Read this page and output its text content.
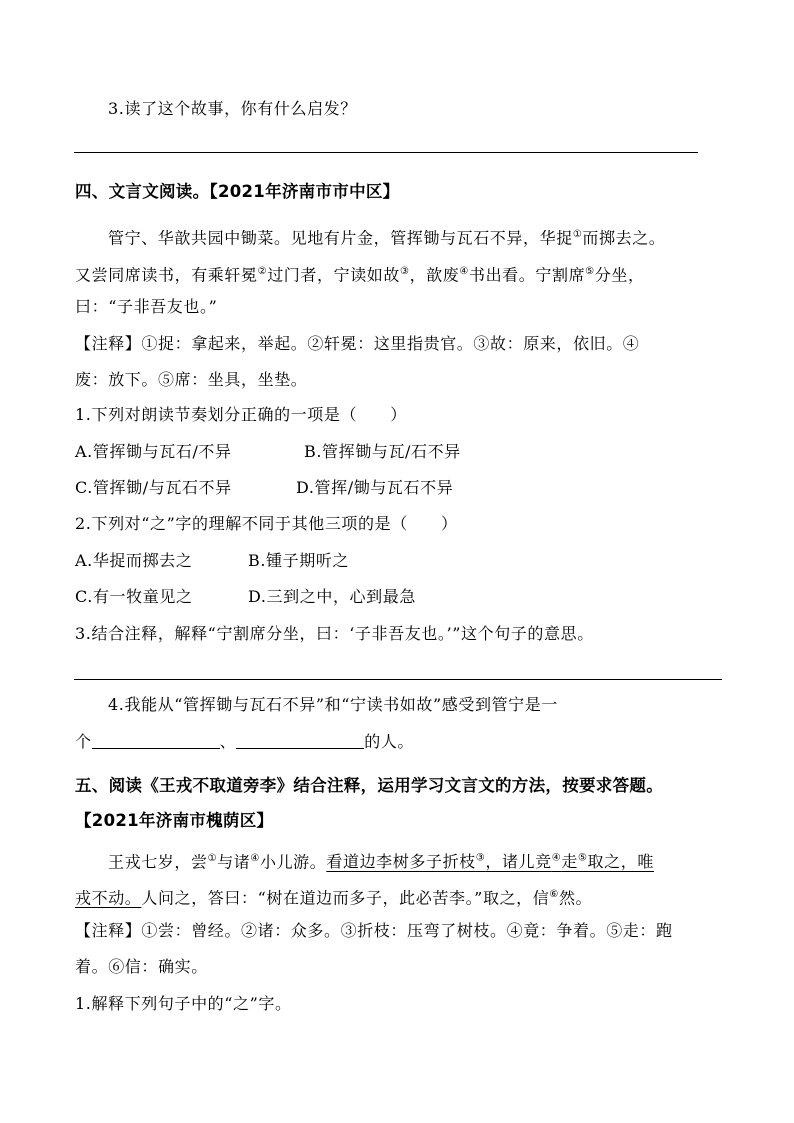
3.读了这个故事，你有什么启发？
四、文言文阅读。【2021年济南市市中区】
管宁、华歆共园中锄菜。见地有片金，管挥锄与瓦石不异，华捉①而掷去之。
又尝同席读书，有乘轩冕②过门者，宁读如故③，歆废④书出看。宁割席⑤分坐，
曰：“子非吾友也。”
【注释】①捉：拿起来，举起。②轩冕：这里指贵官。③故：原来，依旧。④
废：放下。⑤席：坐具，坐垫。
1.下列对朗读节奏划分正确的一项是（　　）
A.管挥锄与瓦石/不异	B.管挥锄与瓦/石不异
C.管挥锄/与瓦石不异	D.管挥/锄与瓦石不异
2.下列对“之”字的理解不同于其他三项的是（　　）
A.华捉而掷去之	B.锺子期听之
C.有一牧童见之	D.三到之中，心到最急
3.结合注释，解释“宁割席分坐，曰：‘子非吾友也。’”这个句子的意思。
4.我能从“管挥锄与瓦石不异”和“宁读书如故”感受到管宁是一
个	、	的人。
五、阅读《王戎不取道旁李》结合注释，运用学习文言文的方法，按要求答题。
【2021年济南市槐荫区】
王戎七岁，尝①与诸④小儿游。看道边李树多子折枝③，诸儿竞④走⑤取之，唯
戎不动。人问之，答曰：“树在道边而多子，此必苦李。”取之，信⑥然。
【注释】①尝：曾经。②诸：众多。③折枝：压弯了树枝。④竟：争着。⑤走：跑
着。⑥信：确实。
1.解释下列句子中的“之”字。
